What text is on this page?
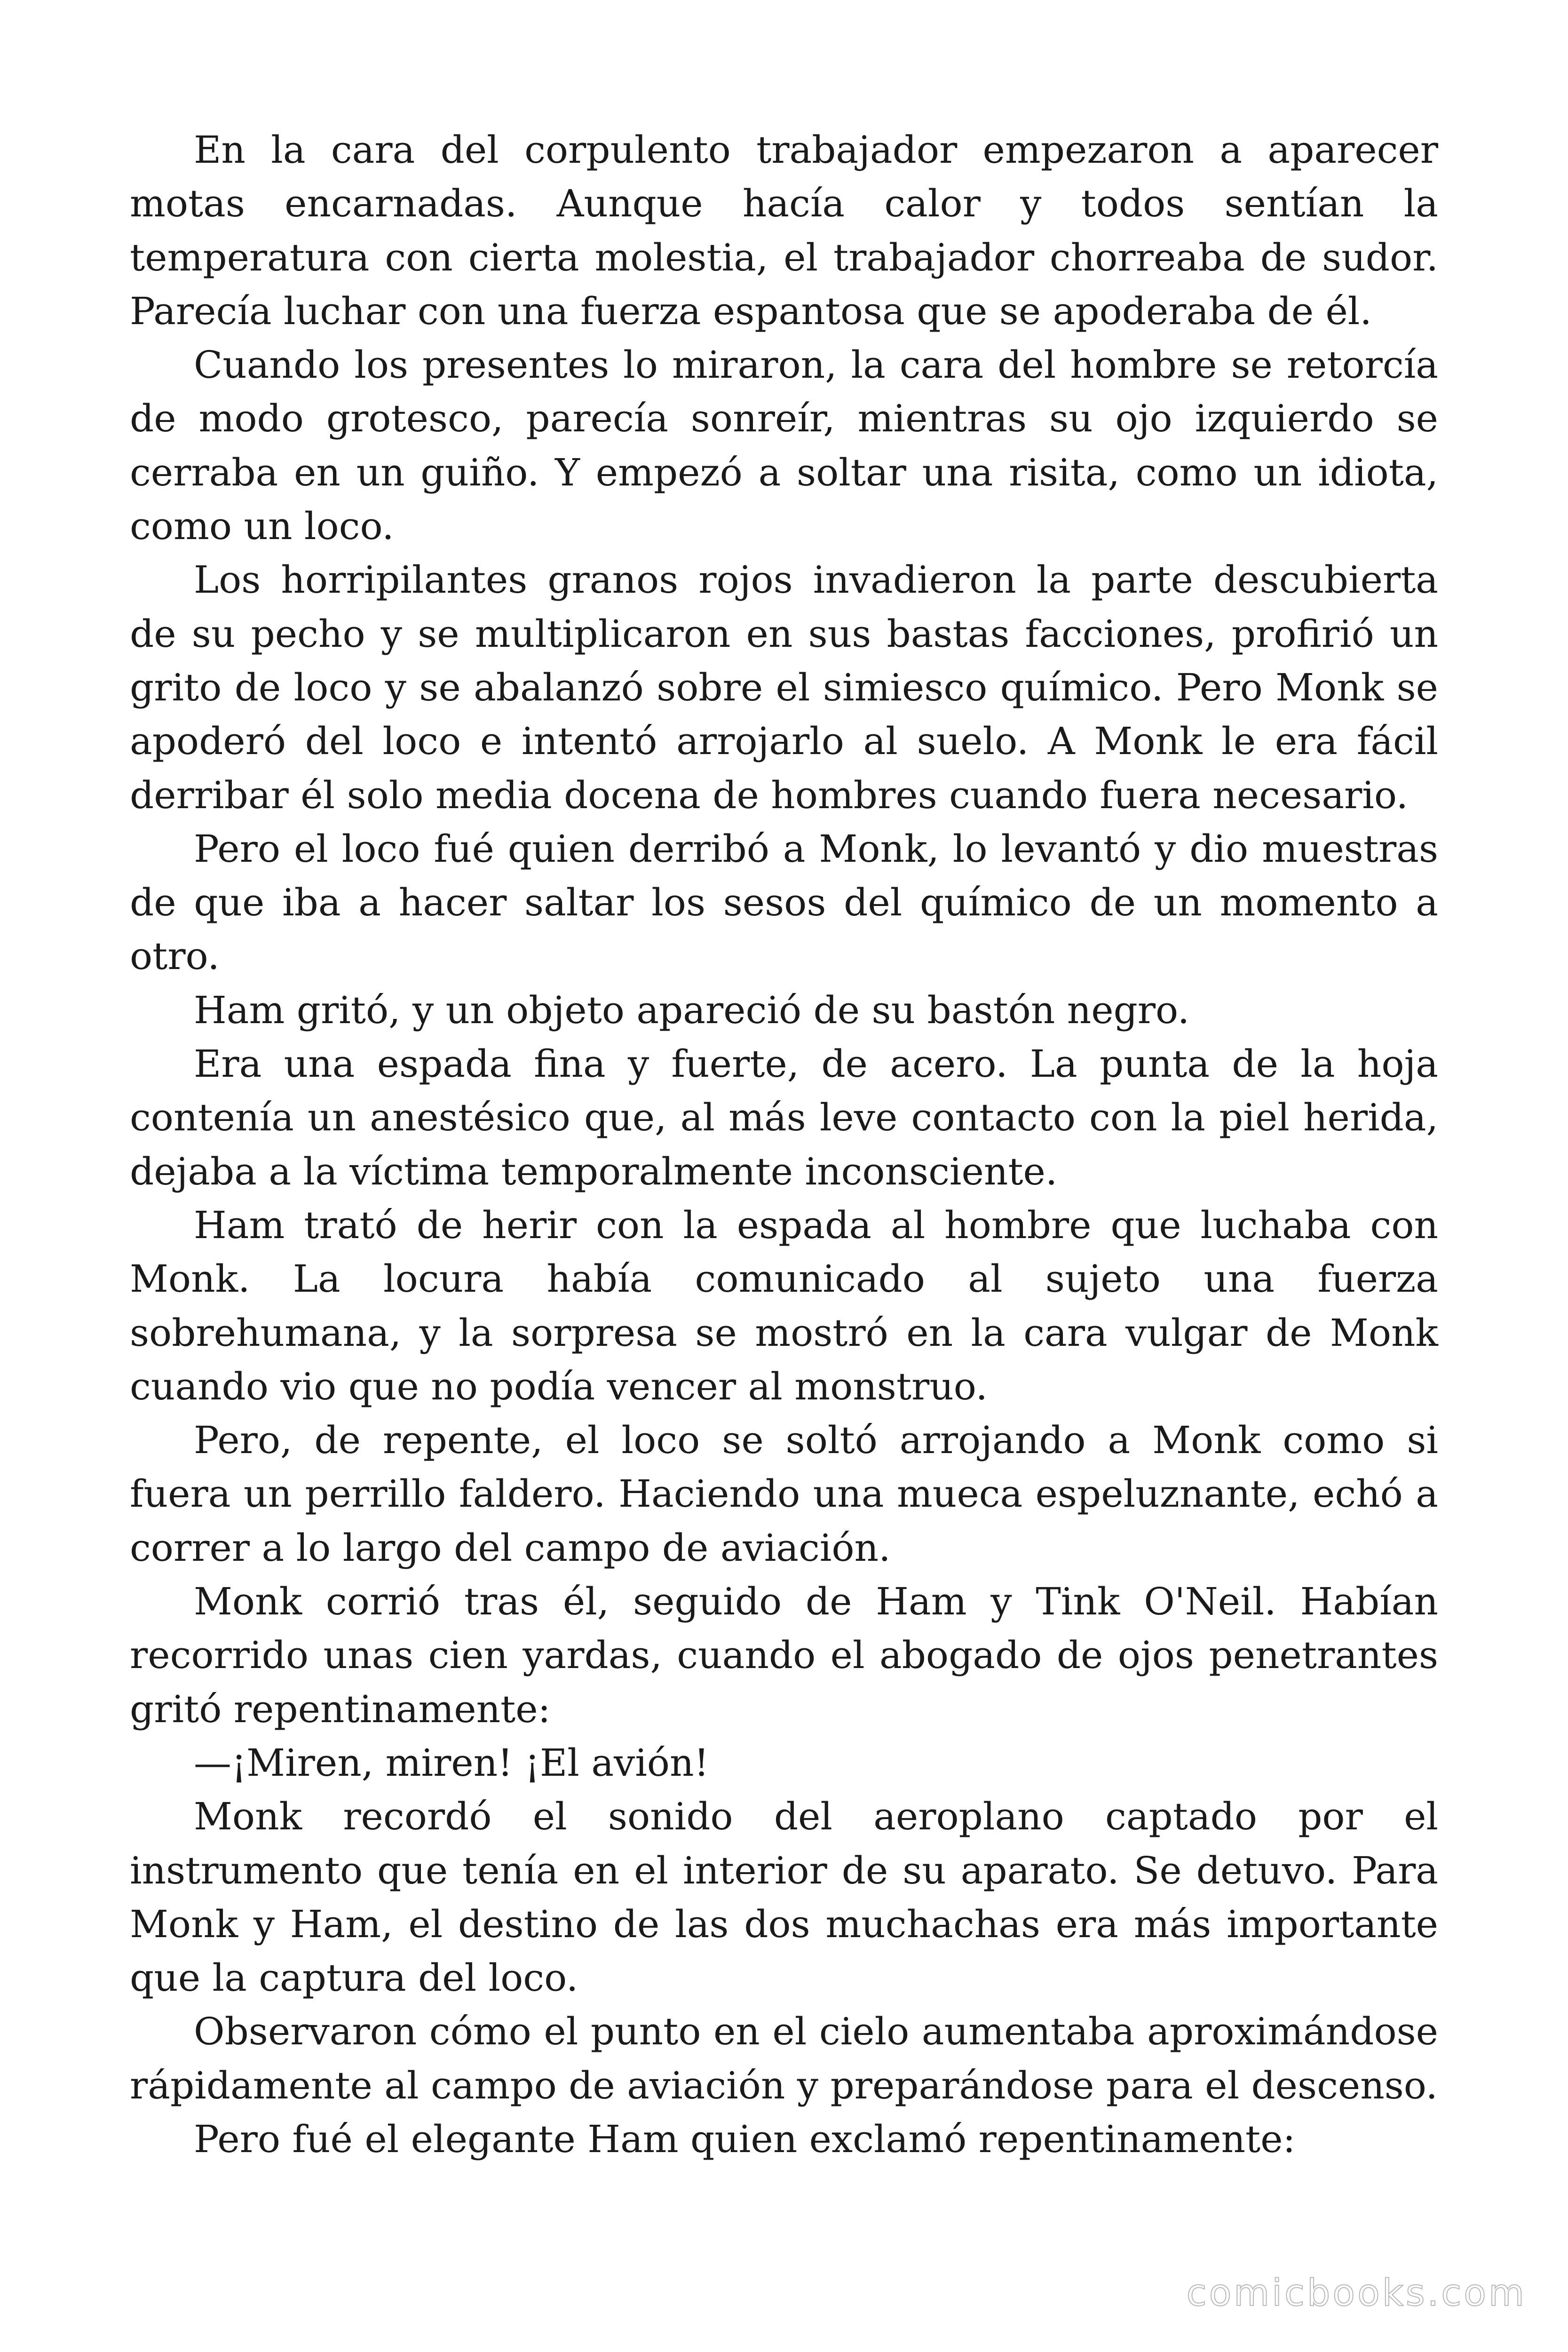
En la cara del corpulento trabajador empezaron a aparecer motas encarnadas. Aunque hacía calor y todos sentían la temperatura con cierta molestia, el trabajador chorreaba de sudor. Parecía luchar con una fuerza espantosa que se apoderaba de él.

Cuando los presentes lo miraron, la cara del hombre se retorcía de modo grotesco, parecía sonreír, mientras su ojo izquierdo se cerraba en un guiño. Y empezó a soltar una risita, como un idiota, como un loco.

Los horripilantes granos rojos invadieron la parte descubierta de su pecho y se multiplicaron en sus bastas facciones, profirió un grito de loco y se abalanzó sobre el simiesco químico. Pero Monk se apoderó del loco e intentó arrojarlo al suelo. A Monk le era fácil derribar él solo media docena de hombres cuando fuera necesario.

Pero el loco fué quien derribó a Monk, lo levantó y dio muestras de que iba a hacer saltar los sesos del químico de un momento a otro.

Ham gritó, y un objeto apareció de su bastón negro.

Era una espada fina y fuerte, de acero. La punta de la hoja contenía un anestésico que, al más leve contacto con la piel herida, dejaba a la víctima temporalmente inconsciente.

Ham trató de herir con la espada al hombre que luchaba con Monk. La locura había comunicado al sujeto una fuerza sobrehumana, y la sorpresa se mostró en la cara vulgar de Monk cuando vio que no podía vencer al monstruo.

Pero, de repente, el loco se soltó arrojando a Monk como si fuera un perrillo faldero. Haciendo una mueca espeluznante, echó a correr a lo largo del campo de aviación.

Monk corrió tras él, seguido de Ham y Tink O'Neil. Habían recorrido unas cien yardas, cuando el abogado de ojos penetrantes gritó repentinamente:

—¡Miren, miren! ¡El avión!

Monk recordó el sonido del aeroplano captado por el instrumento que tenía en el interior de su aparato. Se detuvo. Para Monk y Ham, el destino de las dos muchachas era más importante que la captura del loco.

Observaron cómo el punto en el cielo aumentaba aproximándose rápidamente al campo de aviación y preparándose para el descenso.

Pero fué el elegante Ham quien exclamó repentinamente:

comicbooks.com
